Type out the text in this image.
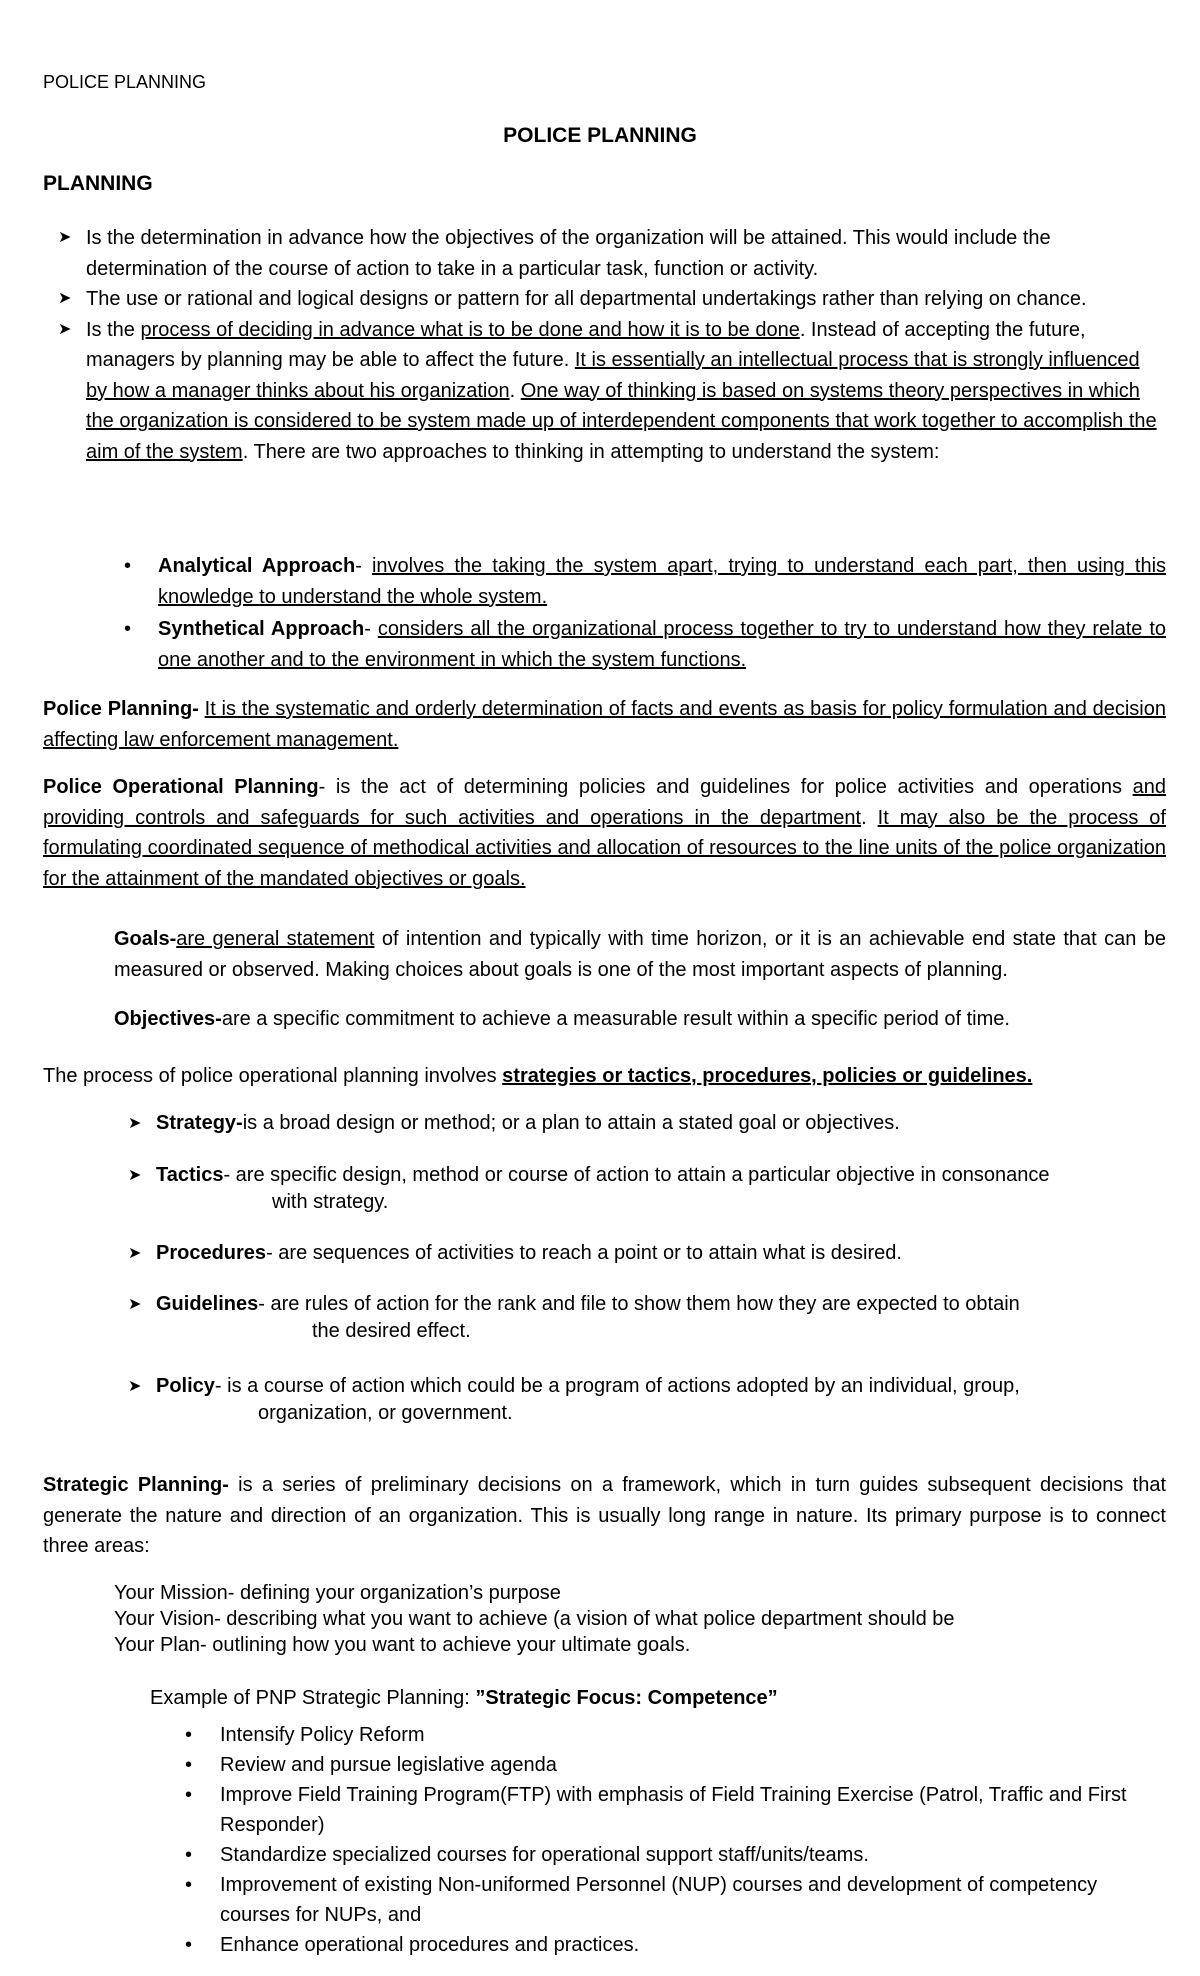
POLICE PLANNING
POLICE PLANNING
PLANNING
➤ Is the determination in advance how the objectives of the organization will be attained. This would include the determination of the course of action to take in a particular task, function or activity.
➤ The use or rational and logical designs or pattern for all departmental undertakings rather than relying on chance.
➤ Is the process of deciding in advance what is to be done and how it is to be done. Instead of accepting the future, managers by planning may be able to affect the future. It is essentially an intellectual process that is strongly influenced by how a manager thinks about his organization. One way of thinking is based on systems theory perspectives in which the organization is considered to be system made up of interdependent components that work together to accomplish the aim of the system. There are two approaches to thinking in attempting to understand the system:
• Analytical Approach- involves the taking the system apart, trying to understand each part, then using this knowledge to understand the whole system.
• Synthetical Approach- considers all the organizational process together to try to understand how they relate to one another and to the environment in which the system functions.
Police Planning- It is the systematic and orderly determination of facts and events as basis for policy formulation and decision affecting law enforcement management.
Police Operational Planning- is the act of determining policies and guidelines for police activities and operations and providing controls and safeguards for such activities and operations in the department. It may also be the process of formulating coordinated sequence of methodical activities and allocation of resources to the line units of the police organization for the attainment of the mandated objectives or goals.
Goals-are general statement of intention and typically with time horizon, or it is an achievable end state that can be measured or observed. Making choices about goals is one of the most important aspects of planning.
Objectives-are a specific commitment to achieve a measurable result within a specific period of time.
The process of police operational planning involves strategies or tactics, procedures, policies or guidelines.
➤ Strategy-is a broad design or method; or a plan to attain a stated goal or objectives.
➤ Tactics- are specific design, method or course of action to attain a particular objective in consonance
with strategy.
➤ Procedures- are sequences of activities to reach a point or to attain what is desired.
➤ Guidelines- are rules of action for the rank and file to show them how they are expected to obtain
the desired effect.
➤ Policy- is a course of action which could be a program of actions adopted by an individual, group,
organization, or government.
Strategic Planning- is a series of preliminary decisions on a framework, which in turn guides subsequent decisions that generate the nature and direction of an organization. This is usually long range in nature. Its primary purpose is to connect three areas:
Your Mission- defining your organization’s purpose
Your Vision- describing what you want to achieve (a vision of what police department should be
Your Plan- outlining how you want to achieve your ultimate goals.
Example of PNP Strategic Planning: ”Strategic Focus: Competence”
• Intensify Policy Reform
• Review and pursue legislative agenda
• Improve Field Training Program(FTP) with emphasis of Field Training Exercise (Patrol, Traffic and First Responder)
• Standardize specialized courses for operational support staff/units/teams.
• Improvement of existing Non-uniformed Personnel (NUP) courses and development of competency courses for NUPs, and
• Enhance operational procedures and practices.
